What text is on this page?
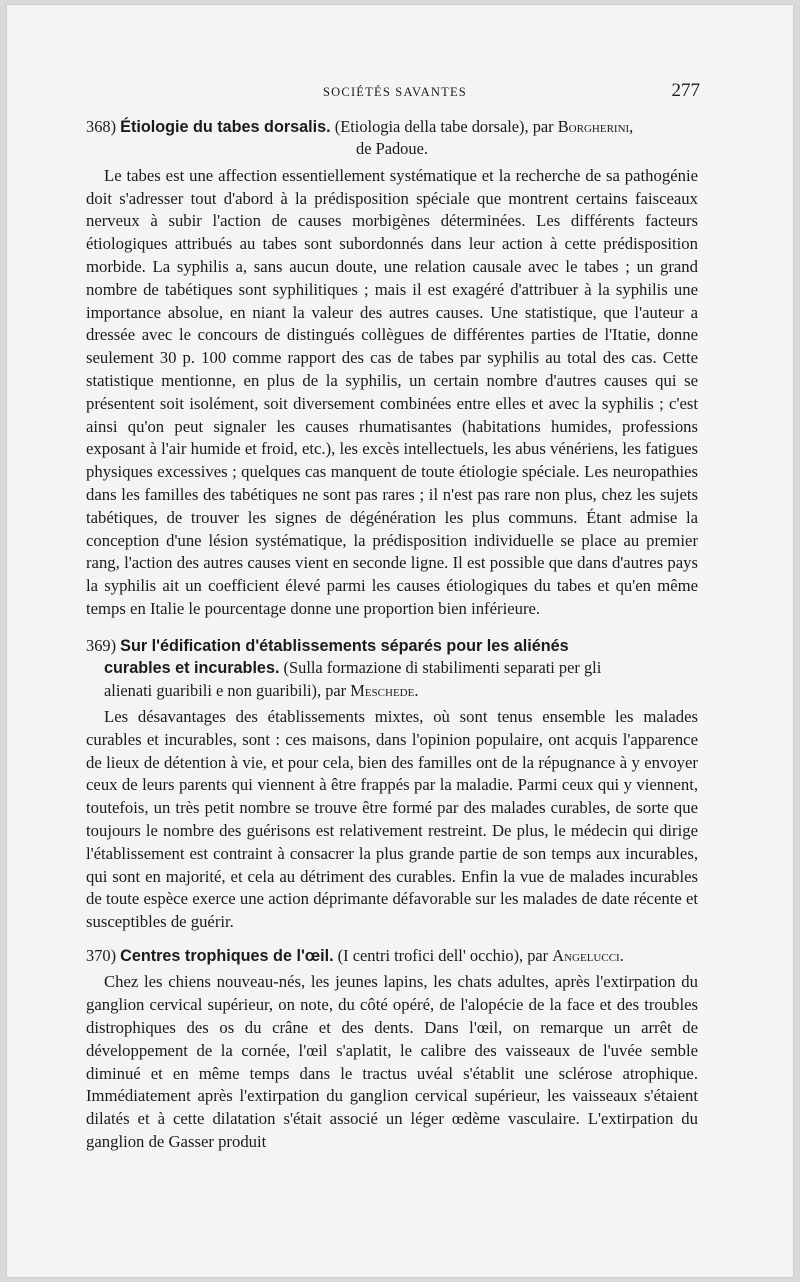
SOCIÉTÉS SAVANTES	277

368) Étiologie du tabes dorsalis. (Etiologia della tabe dorsale), par Borgherini,
de Padoue.

Le tabes est une affection essentiellement systématique et la recherche de sa pathogénie doit s'adresser tout d'abord à la prédisposition spéciale que montrent certains faisceaux nerveux à subir l'action de causes morbigènes déterminées. Les différents facteurs étiologiques attribués au tabes sont subordonnés dans leur action à cette prédisposition morbide. La syphilis a, sans aucun doute, une relation causale avec le tabes ; un grand nombre de tabétiques sont syphilitiques ; mais il est exagéré d'attribuer à la syphilis une importance absolue, en niant la valeur des autres causes. Une statistique, que l'auteur a dressée avec le concours de distingués collègues de différentes parties de l'Itatie, donne seulement 30 p. 100 comme rapport des cas de tabes par syphilis au total des cas. Cette statistique mentionne, en plus de la syphilis, un certain nombre d'autres causes qui se présentent soit isolément, soit diversement combinées entre elles et avec la syphilis ; c'est ainsi qu'on peut signaler les causes rhumatisantes (habitations humides, professions exposant à l'air humide et froid, etc.), les excès intellectuels, les abus vénériens, les fatigues physiques excessives ; quelques cas manquent de toute étiologie spéciale. Les neuropathies dans les familles des tabétiques ne sont pas rares ; il n'est pas rare non plus, chez les sujets tabétiques, de trouver les signes de dégénération les plus communs. Étant admise la conception d'une lésion systématique, la prédisposition individuelle se place au premier rang, l'action des autres causes vient en seconde ligne. Il est possible que dans d'autres pays la syphilis ait un coefficient élevé parmi les causes étiologiques du tabes et qu'en même temps en Italie le pourcentage donne une proportion bien inférieure.

369) Sur l'édification d'établissements séparés pour les aliénés
curables et incurables. (Sulla formazione di stabilimenti separati per gli
alienati guaribili e non guaribili), par Meschede.

Les désavantages des établissements mixtes, où sont tenus ensemble les malades curables et incurables, sont : ces maisons, dans l'opinion populaire, ont acquis l'apparence de lieux de détention à vie, et pour cela, bien des familles ont de la répugnance à y envoyer ceux de leurs parents qui viennent à être frappés par la maladie. Parmi ceux qui y viennent, toutefois, un très petit nombre se trouve être formé par des malades curables, de sorte que toujours le nombre des guérisons est relativement restreint. De plus, le médecin qui dirige l'établissement est contraint à consacrer la plus grande partie de son temps aux incurables, qui sont en majorité, et cela au détriment des curables. Enfin la vue de malades incurables de toute espèce exerce une action déprimante défavorable sur les malades de date récente et susceptibles de guérir.

370) Centres trophiques de l'œil. (I centri trofici dell' occhio), par Angelucci.

Chez les chiens nouveau-nés, les jeunes lapins, les chats adultes, après l'extirpation du ganglion cervical supérieur, on note, du côté opéré, de l'alopécie de la face et des troubles distrophiques des os du crâne et des dents. Dans l'œil, on remarque un arrêt de développement de la cornée, l'œil s'aplatit, le calibre des vaisseaux de l'uvée semble diminué et en même temps dans le tractus uvéal s'établit une sclérose atrophique. Immédiatement après l'extirpation du ganglion cervical supérieur, les vaisseaux s'étaient dilatés et à cette dilatation s'était associé un léger œdème vasculaire. L'extirpation du ganglion de Gasser produit
